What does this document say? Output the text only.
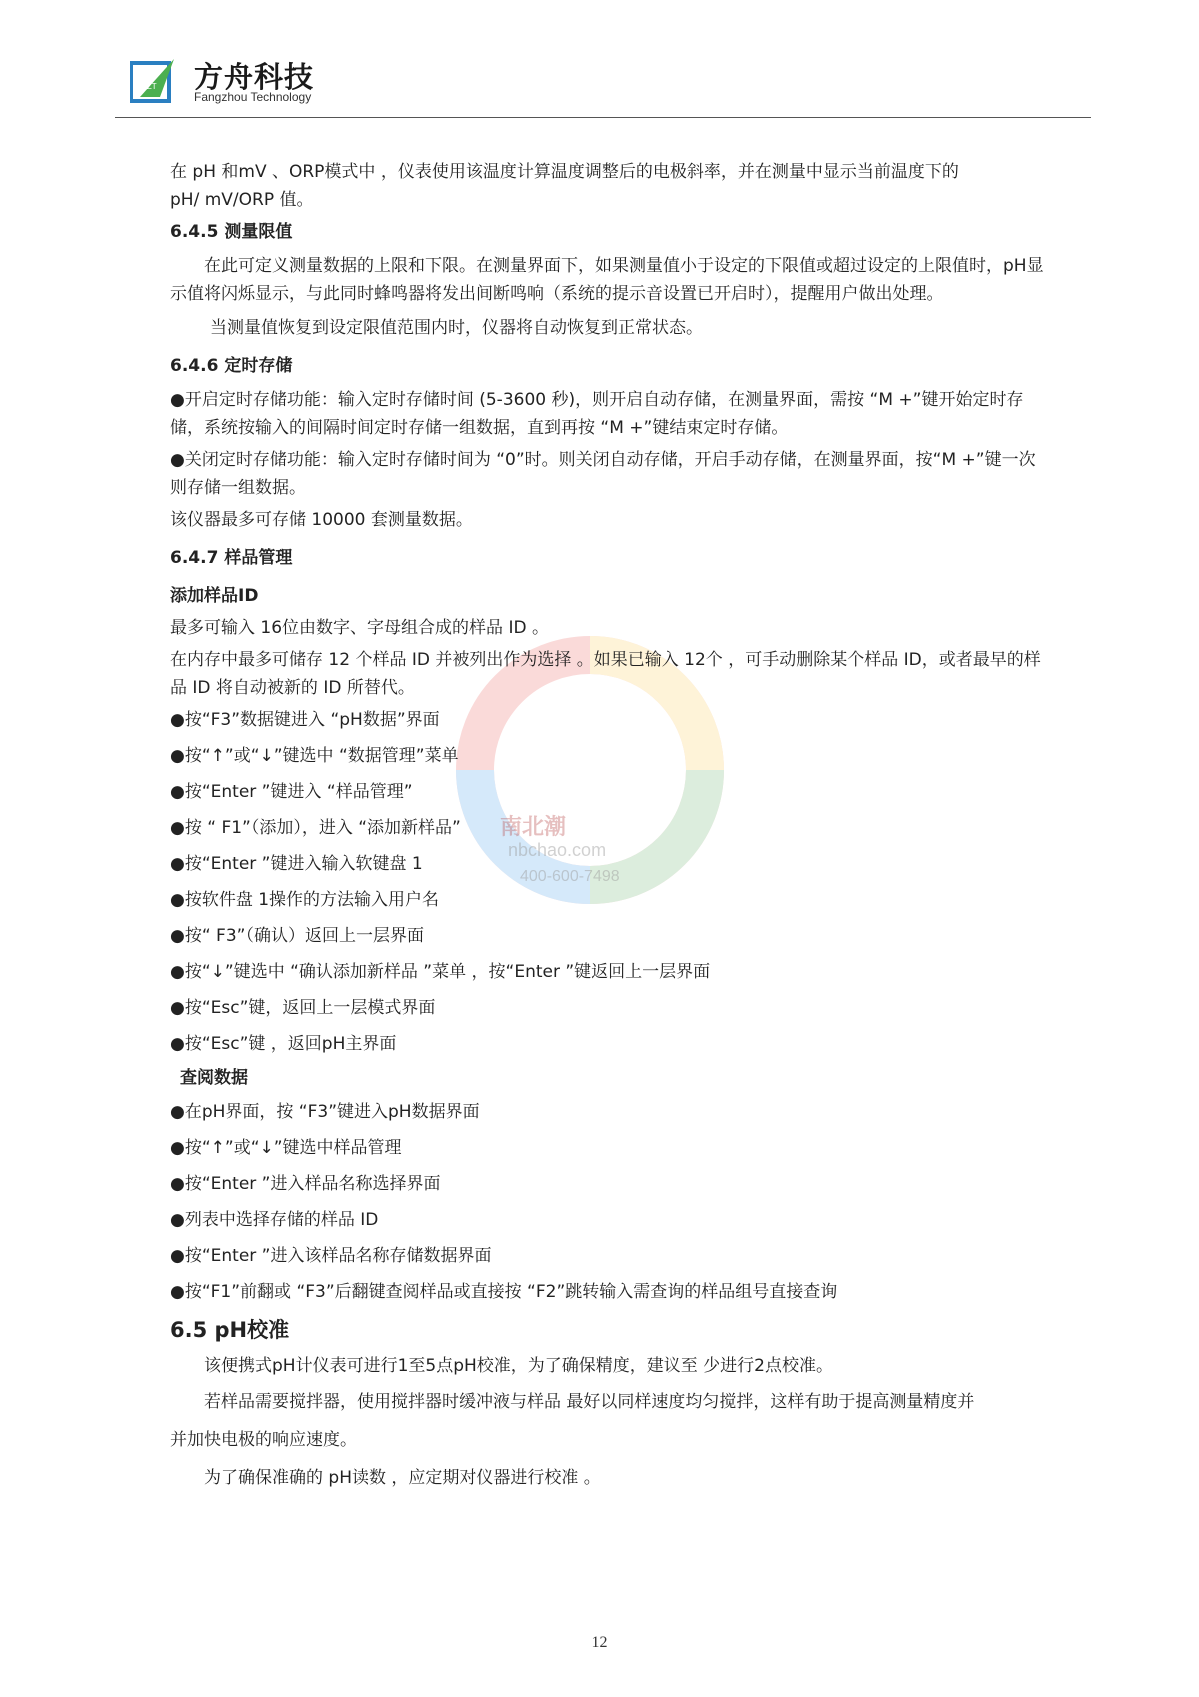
FZT 方舟科技
Fangzhou Technology
南北潮
nbchao.com
400-600-7498

在 pH 和mV 、ORP模式中 ，仪表使用该温度计算温度调整后的电极斜率，并在测量中显示当前温度下的

pH/ mV/ORP 值。

6.4.5 测量限值

在此可定义测量数据的上限和下限。在测量界面下，如果测量值小于设定的下限值或超过设定的上限值时，pH显示值将闪烁显示，与此同时蜂鸣器将发出间断鸣响（系统的提示音设置已开启时），提醒用户做出处理。

当测量值恢复到设定限值范围内时，仪器将自动恢复到正常状态。

6.4.6 定时存储

●开启定时存储功能：输入定时存储时间 (5-3600 秒)，则开启自动存储，在测量界面，需按 “M +”键开始定时存储，系统按输入的间隔时间定时存储一组数据，直到再按 “M +”键结束定时存储。

●关闭定时存储功能：输入定时存储时间为 “0”时。则关闭自动存储，开启手动存储，在测量界面，按“M +”键一次则存储一组数据。

该仪器最多可存储 10000 套测量数据。

6.4.7 样品管理

添加样品ID

最多可输入 16位由数字、字母组合成的样品 ID 。

在内存中最多可储存 12 个样品 ID 并被列出作为选择 。如果已输入 12个 ，可手动删除某个样品 ID，或者最早的样品 ID 将自动被新的 ID 所替代。

●按“F3”数据键进入 “pH数据”界面

●按“↑”或“↓”键选中 “数据管理”菜单

●按“Enter ”键进入 “样品管理”

●按 “ F1”（添加），进入 “添加新样品”

●按“Enter ”键进入输入软键盘 1

●按软件盘 1操作的方法输入用户名

●按“ F3”（确认）返回上一层界面

●按“↓”键选中 “确认添加新样品 ”菜单 ，按“Enter ”键返回上一层界面

●按“Esc”键，返回上一层模式界面

●按“Esc”键 ，返回pH主界面

查阅数据

●在pH界面，按 “F3”键进入pH数据界面

●按“↑”或“↓”键选中样品管理

●按“Enter ”进入样品名称选择界面

●列表中选择存储的样品 ID

●按“Enter ”进入该样品名称存储数据界面

●按“F1”前翻或 “F3”后翻键查阅样品或直接按 “F2”跳转输入需查询的样品组号直接查询

6.5 pH校准

该便携式pH计仪表可进行1至5点pH校准，为了确保精度，建议至 少进行2点校准。

若样品需要搅拌器，使用搅拌器时缓冲液与样品 最好以同样速度均匀搅拌，这样有助于提高测量精度并

并加快电极的响应速度。

为了确保准确的 pH读数 ，应定期对仪器进行校准 。

12
